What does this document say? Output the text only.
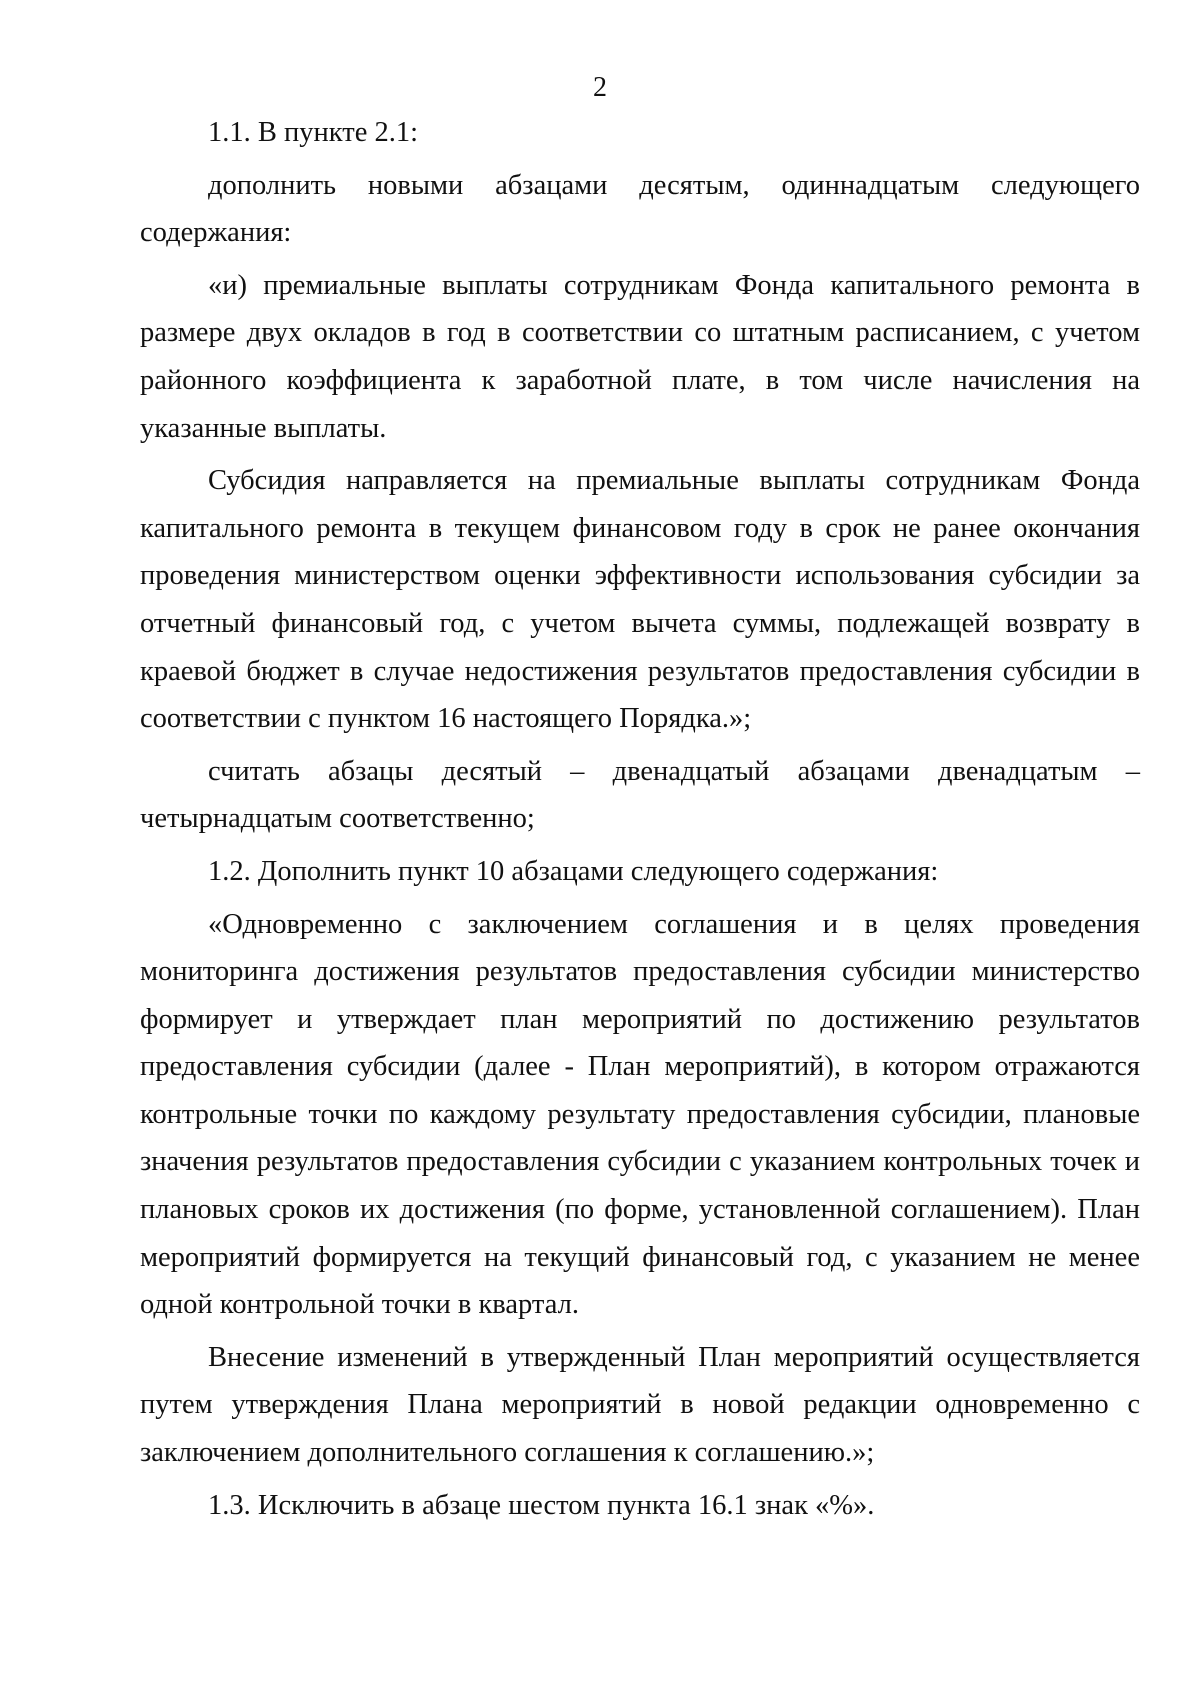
2

1.1. В пункте 2.1:

дополнить новыми абзацами десятым, одиннадцатым следующего содержания:

«и) премиальные выплаты сотрудникам Фонда капитального ремонта в размере двух окладов в год в соответствии со штатным расписанием, с учетом районного коэффициента к заработной плате, в том числе начисления на указанные выплаты.

Субсидия направляется на премиальные выплаты сотрудникам Фонда капитального ремонта в текущем финансовом году в срок не ранее окончания проведения министерством оценки эффективности использования субсидии за отчетный финансовый год, с учетом вычета суммы, подлежащей возврату в краевой бюджет в случае недостижения результатов предоставления субсидии в соответствии с пунктом 16 настоящего Порядка.»;

считать абзацы десятый – двенадцатый абзацами двенадцатым – четырнадцатым соответственно;

1.2. Дополнить пункт 10 абзацами следующего содержания:

«Одновременно с заключением соглашения и в целях проведения мониторинга достижения результатов предоставления субсидии министерство формирует и утверждает план мероприятий по достижению результатов предоставления субсидии (далее - План мероприятий), в котором отражаются контрольные точки по каждому результату предоставления субсидии, плановые значения результатов предоставления субсидии с указанием контрольных точек и плановых сроков их достижения (по форме, установленной соглашением). План мероприятий формируется на текущий финансовый год, с указанием не менее одной контрольной точки в квартал.

Внесение изменений в утвержденный План мероприятий осуществляется путем утверждения Плана мероприятий в новой редакции одновременно с заключением дополнительного соглашения к соглашению.»;

1.3. Исключить в абзаце шестом пункта 16.1 знак «%».
